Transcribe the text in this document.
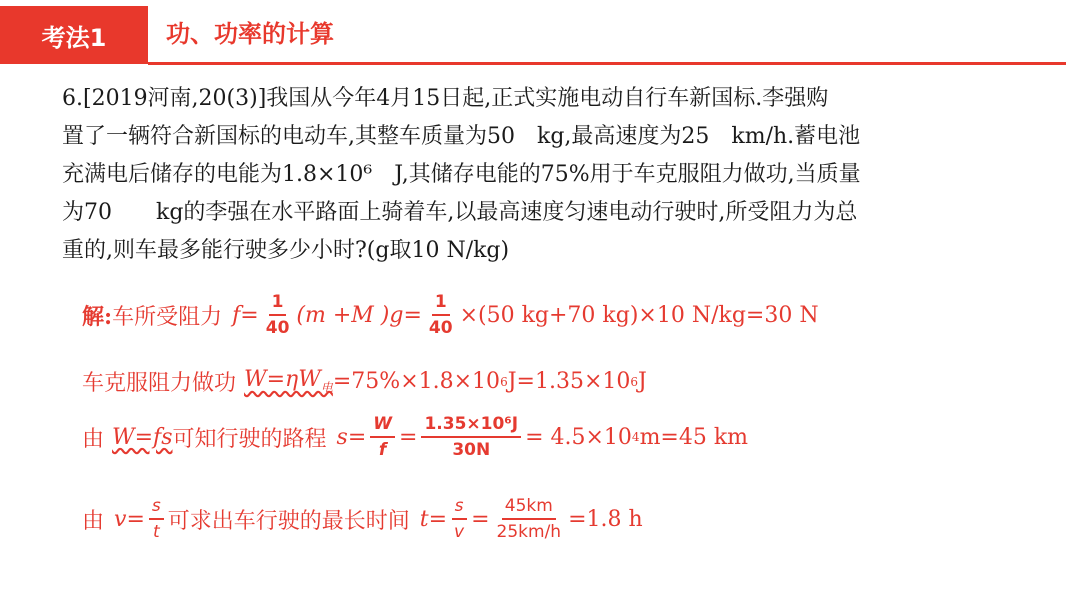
考法1	功、功率的计算

6.[2019河南,20(3)]我国从今年4月15日起,正式实施电动自行车新国标.李强购

置了一辆符合新国标的电动车,其整车质量为50　kg,最高速度为25　km/h.蓄电池

充满电后储存的电能为1.8×10⁶　J,其储存电能的75%用于车克服阻力做功,当质量

为70　　kg的李强在水平路面上骑着车,以最高速度匀速电动行驶时,所受阻力为总

重的,则车最多能行驶多少小时?(g取10 N/kg)

解: 车所受阻力 $f = \frac{1}{40} (m +M$ )$g = \frac{1}{40} \times(50$ kg+70 kg)×10 N/kg=30 N
车克服阻力做功 $W=\eta W_电 =75\%\times 1.8\times 10$ 6 J=1.35×10 6 J
由 W=fs 可知行驶的路程 $s = \frac{W}{f} = \frac{\text{1.35×10⁶J}}{30N} = 4.5\times 10$ 4 m=45 km
由 $v = \frac{s}{t}$ 可求出车行驶的最长时间 $t = \frac{s}{v} = \frac{45km}{25km/h} =1.8$ h
